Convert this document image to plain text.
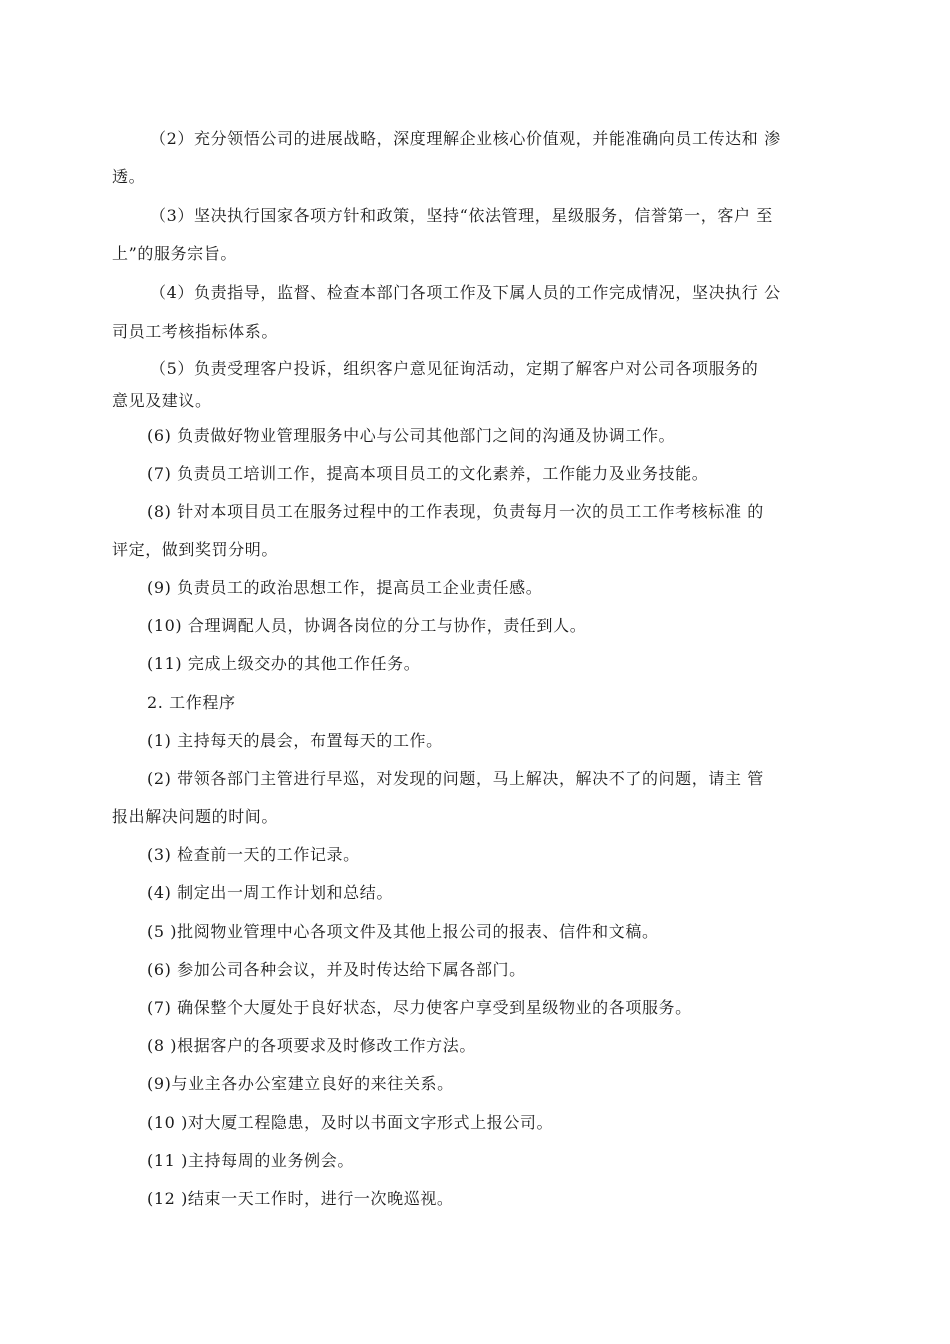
（2）充分领悟公司的进展战略，深度理解企业核心价值观，并能准确向员工传达和 渗
透。
（3）坚决执行国家各项方针和政策，坚持“依法管理，星级服务，信誉第一，客户 至
上”的服务宗旨。
（4）负责指导，监督、检查本部门各项工作及下属人员的工作完成情况，坚决执行 公
司员工考核指标体系。
（5）负责受理客户投诉，组织客户意见征询活动，定期了解客户对公司各项服务的
意见及建议。
(6) 负责做好物业管理服务中心与公司其他部门之间的沟通及协调工作。
(7) 负责员工培训工作，提高本项目员工的文化素养，工作能力及业务技能。
(8) 针对本项目员工在服务过程中的工作表现，负责每月一次的员工工作考核标准 的
评定，做到奖罚分明。
(9) 负责员工的政治思想工作，提高员工企业责任感。
(10) 合理调配人员，协调各岗位的分工与协作，责任到人。
(11) 完成上级交办的其他工作任务。
2. 工作程序
(1) 主持每天的晨会，布置每天的工作。
(2) 带领各部门主管进行早巡，对发现的问题，马上解决，解决不了的问题，请主 管
报出解决问题的时间。
(3) 检查前一天的工作记录。
(4) 制定出一周工作计划和总结。
(5 )批阅物业管理中心各项文件及其他上报公司的报表、信件和文稿。
(6) 参加公司各种会议，并及时传达给下属各部门。
(7) 确保整个大厦处于良好状态，尽力使客户享受到星级物业的各项服务。
(8 )根据客户的各项要求及时修改工作方法。
(9)与业主各办公室建立良好的来往关系。
(10 )对大厦工程隐患，及时以书面文字形式上报公司。
(11 )主持每周的业务例会。
(12 )结束一天工作时，进行一次晚巡视。
